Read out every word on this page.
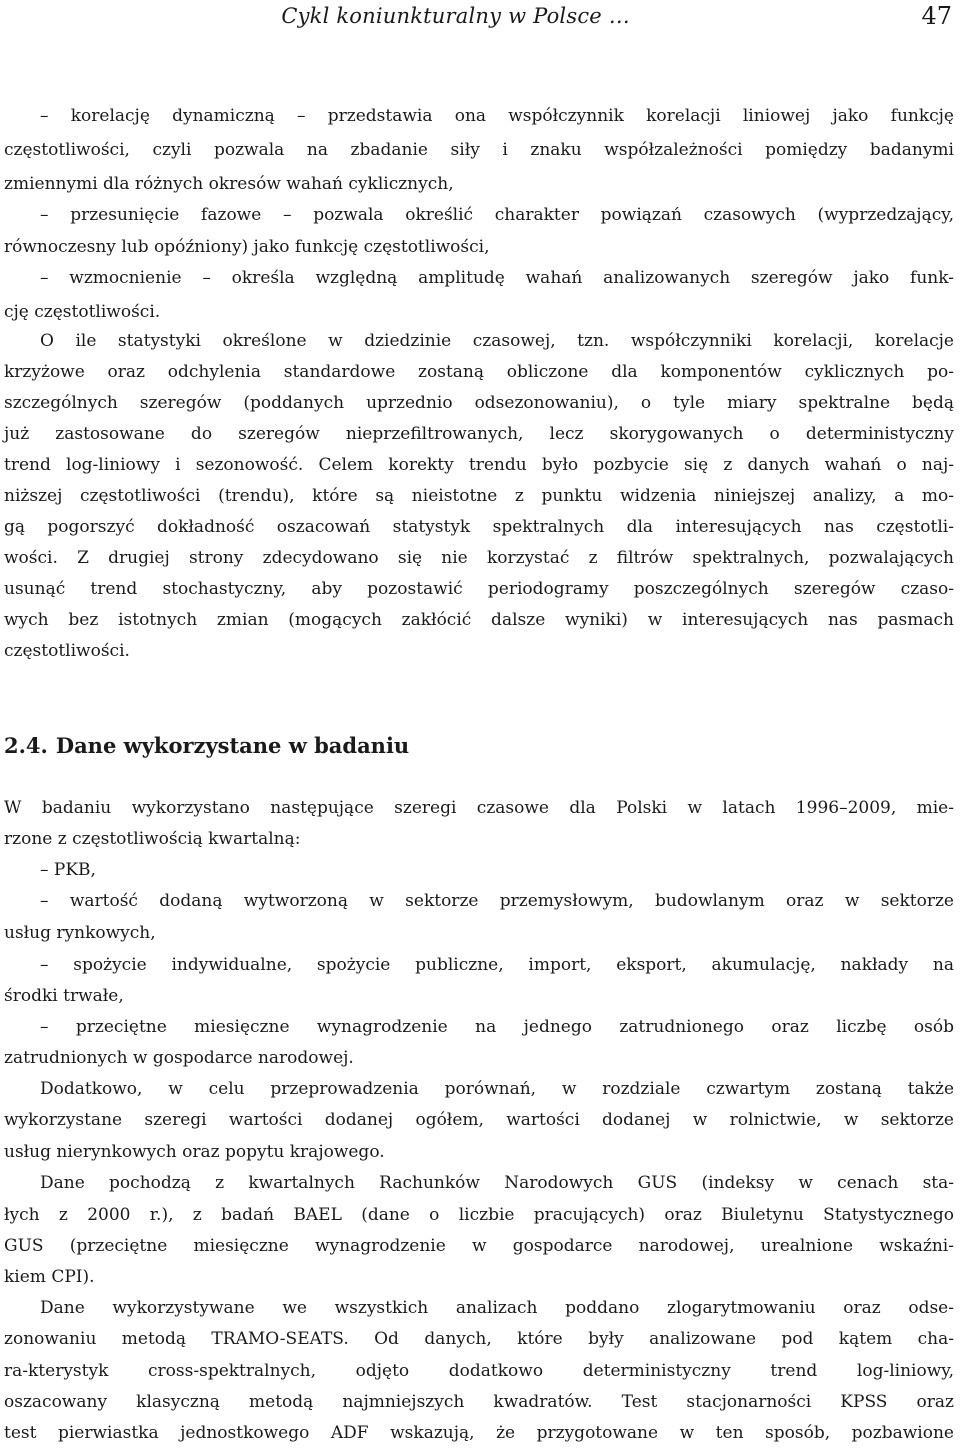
Cykl koniunkturalny w Polsce …	47
– korelację dynamiczną – przedstawia ona współczynnik korelacji liniowej jako funkcję
częstotliwości, czyli pozwala na zbadanie siły i znaku współzależności pomiędzy badanymi
zmiennymi dla różnych okresów wahań cyklicznych,
– przesunięcie fazowe – pozwala określić charakter powiązań czasowych (wyprzedzający,
równoczesny lub opóźniony) jako funkcję częstotliwości,
– wzmocnienie – określa względną amplitudę wahań analizowanych szeregów jako funk-
cję częstotliwości.
O ile statystyki określone w dziedzinie czasowej, tzn. współczynniki korelacji, korelacje
krzyżowe oraz odchylenia standardowe zostaną obliczone dla komponentów cyklicznych po-
szczególnych szeregów (poddanych uprzednio odsezonowaniu), o tyle miary spektralne będą
już zastosowane do szeregów nieprzefiltrowanych, lecz skorygowanych o deterministyczny
trend log-liniowy i sezonowość. Celem korekty trendu było pozbycie się z danych wahań o naj-
niższej częstotliwości (trendu), które są nieistotne z punktu widzenia niniejszej analizy, a mo-
gą pogorszyć dokładność oszacowań statystyk spektralnych dla interesujących nas częstotli-
wości. Z drugiej strony zdecydowano się nie korzystać z filtrów spektralnych, pozwalających
usunąć trend stochastyczny, aby pozostawić periodogramy poszczególnych szeregów czaso-
wych bez istotnych zmian (mogących zakłócić dalsze wyniki) w interesujących nas pasmach
częstotliwości.
2.4. Dane wykorzystane w badaniu
W badaniu wykorzystano następujące szeregi czasowe dla Polski w latach 1996–2009, mie-
rzone z częstotliwością kwartalną:
– PKB,
– wartość dodaną wytworzoną w sektorze przemysłowym, budowlanym oraz w sektorze
usług rynkowych,
– spożycie indywidualne, spożycie publiczne, import, eksport, akumulację, nakłady na
środki trwałe,
– przeciętne miesięczne wynagrodzenie na jednego zatrudnionego oraz liczbę osób
zatrudnionych w gospodarce narodowej.
Dodatkowo, w celu przeprowadzenia porównań, w rozdziale czwartym zostaną także
wykorzystane szeregi wartości dodanej ogółem, wartości dodanej w rolnictwie, w sektorze
usług nierynkowych oraz popytu krajowego.
Dane pochodzą z kwartalnych Rachunków Narodowych GUS (indeksy w cenach sta-
łych z 2000 r.), z badań BAEL (dane o liczbie pracujących) oraz Biuletynu Statystycznego
GUS (przeciętne miesięczne wynagrodzenie w gospodarce narodowej, urealnione wskaźni-
kiem CPI).
Dane wykorzystywane we wszystkich analizach poddano zlogarytmowaniu oraz odse-
zonowaniu metodą TRAMO-SEATS. Od danych, które były analizowane pod kątem cha-
ra-kterystyk cross-spektralnych, odjęto dodatkowo deterministyczny trend log-liniowy,
oszacowany klasyczną metodą najmniejszych kwadratów. Test stacjonarności KPSS oraz
test pierwiastka jednostkowego ADF wskazują, że przygotowane w ten sposób, pozbawione
